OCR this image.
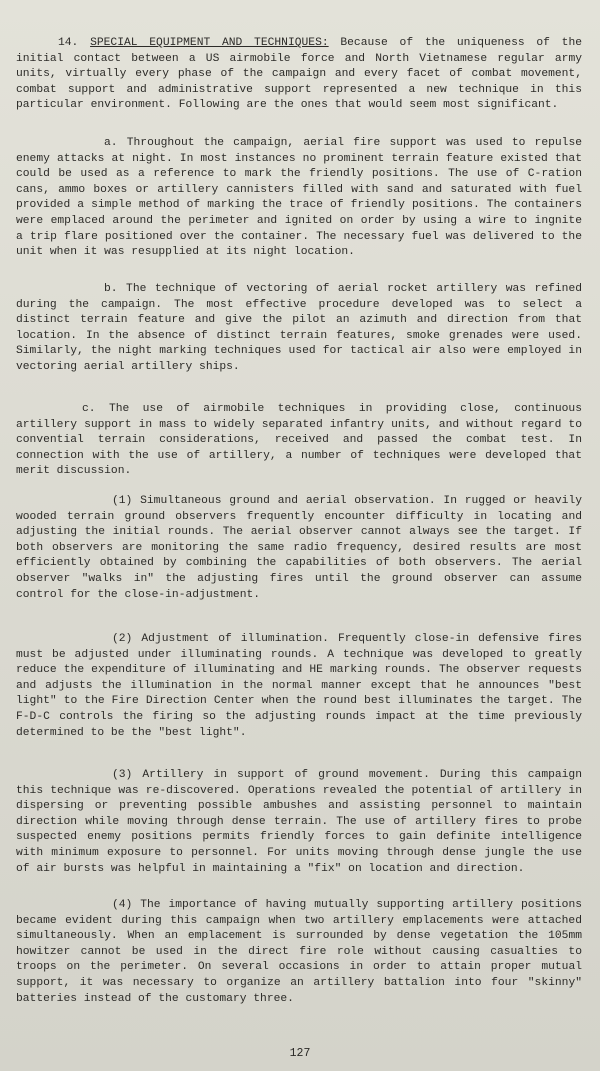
14. SPECIAL EQUIPMENT AND TECHNIQUES: Because of the uniqueness of the initial contact between a US airmobile force and North Vietnamese regular army units, virtually every phase of the campaign and every facet of combat movement, combat support and administrative support represented a new technique in this particular environment. Following are the ones that would seem most significant.

a. Throughout the campaign, aerial fire support was used to repulse enemy attacks at night. In most instances no prominent terrain feature existed that could be used as a reference to mark the friendly positions. The use of C-ration cans, ammo boxes or artillery cannisters filled with sand and saturated with fuel provided a simple method of marking the trace of friendly positions. The containers were emplaced around the perimeter and ignited on order by using a wire to ingnite a trip flare positioned over the container. The necessary fuel was delivered to the unit when it was resupplied at its night location.

b. The technique of vectoring of aerial rocket artillery was refined during the campaign. The most effective procedure developed was to select a distinct terrain feature and give the pilot an azimuth and direction from that location. In the absence of distinct terrain features, smoke grenades were used. Similarly, the night marking techniques used for tactical air also were employed in vectoring aerial artillery ships.

c. The use of airmobile techniques in providing close, continuous artillery support in mass to widely separated infantry units, and without regard to convential terrain considerations, received and passed the combat test. In connection with the use of artillery, a number of techniques were developed that merit discussion.

(1) Simultaneous ground and aerial observation. In rugged or heavily wooded terrain ground observers frequently encounter difficulty in locating and adjusting the initial rounds. The aerial observer cannot always see the target. If both observers are monitoring the same radio frequency, desired results are most efficiently obtained by combining the capabilities of both observers. The aerial observer "walks in" the adjusting fires until the ground observer can assume control for the close-in-adjustment.

(2) Adjustment of illumination. Frequently close-in defensive fires must be adjusted under illuminating rounds. A technique was developed to greatly reduce the expenditure of illuminating and HE marking rounds. The observer requests and adjusts the illumination in the normal manner except that he announces "best light" to the Fire Direction Center when the round best illuminates the target. The F-D-C controls the firing so the adjusting rounds impact at the time previously determined to be the "best light".

(3) Artillery in support of ground movement. During this campaign this technique was re-discovered. Operations revealed the potential of artillery in dispersing or preventing possible ambushes and assisting personnel to maintain direction while moving through dense terrain. The use of artillery fires to probe suspected enemy positions permits friendly forces to gain definite intelligence with minimum exposure to personnel. For units moving through dense jungle the use of air bursts was helpful in maintaining a "fix" on location and direction.

(4) The importance of having mutually supporting artillery positions became evident during this campaign when two artillery emplacements were attached simultaneously. When an emplacement is surrounded by dense vegetation the 105mm howitzer cannot be used in the direct fire role without causing casualties to troops on the perimeter. On several occasions in order to attain proper mutual support, it was necessary to organize an artillery battalion into four "skinny" batteries instead of the customary three.

127
